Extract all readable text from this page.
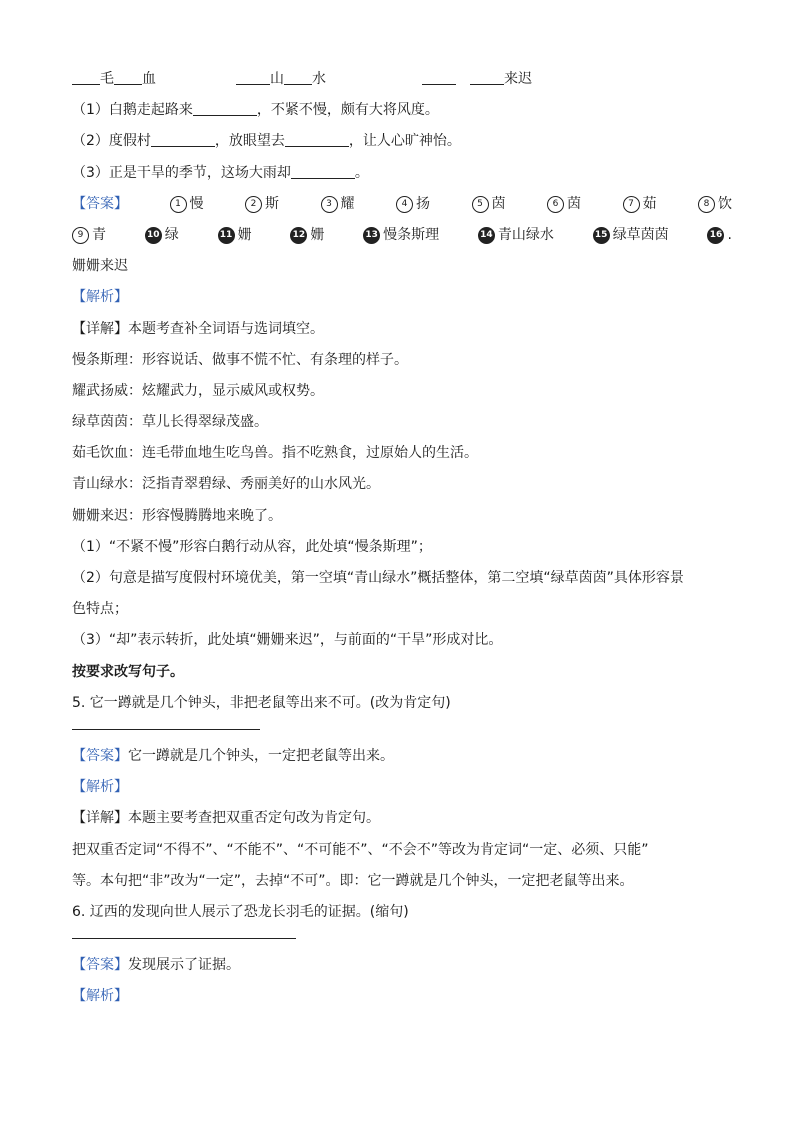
毛 血	山 水	来迟
（1）白鹅走起路来	，不紧不慢，颇有大将风度。
（2）度假村	，放眼望去	，让人心旷神怡。
（3）正是干旱的季节，这场大雨却	。
【答案】	1 慢	2 斯	3 耀	4 扬	5 茵	6 茵	7 茹	8 饮
9 青	10 绿	11 姗	12 姗	13 慢条斯理	14 青山绿水	15 绿草茵茵	16 .
姗姗来迟
【解析】
【详解】本题考查补全词语与选词填空。
慢条斯理：形容说话、做事不慌不忙、有条理的样子。
耀武扬威：炫耀武力，显示威风或权势。
绿草茵茵：草儿长得翠绿茂盛。
茹毛饮血：连毛带血地生吃鸟兽。指不吃熟食，过原始人的生活。
青山绿水：泛指青翠碧绿、秀丽美好的山水风光。
姗姗来迟：形容慢腾腾地来晚了。
（1）“不紧不慢”形容白鹅行动从容，此处填“慢条斯理”；
（2）句意是描写度假村环境优美，第一空填“青山绿水”概括整体，第二空填“绿草茵茵”具体形容景
色特点；
（3）“却”表示转折，此处填“姗姗来迟”，与前面的“干旱”形成对比。
按要求改写句子。
5. 它一蹲就是几个钟头，非把老鼠等出来不可。(改为肯定句)
【答案】它一蹲就是几个钟头，一定把老鼠等出来。
【解析】
【详解】本题主要考查把双重否定句改为肯定句。
把双重否定词“不得不”、“不能不”、“不可能不”、“不会不”等改为肯定词“一定、必须、只能”
等。本句把“非”改为“一定”，去掉“不可”。即：它一蹲就是几个钟头，一定把老鼠等出来。
6. 辽西的发现向世人展示了恐龙长羽毛的证据。(缩句)
【答案】发现展示了证据。
【解析】
